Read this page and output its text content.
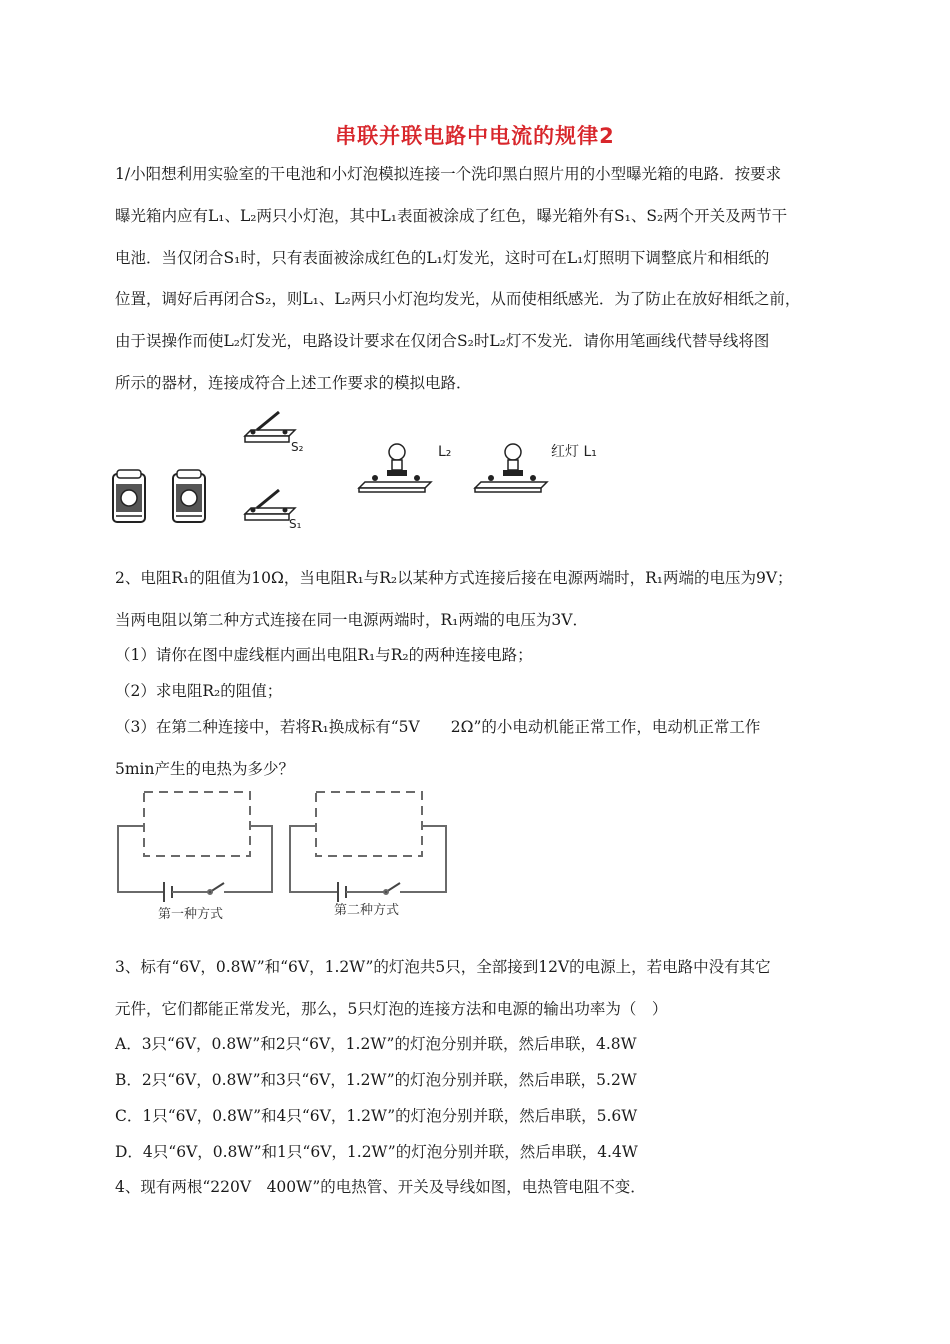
串联并联电路中电流的规律2
1/小阳想利用实验室的干电池和小灯泡模拟连接一个洗印黑白照片用的小型曝光箱的电路．按要求
曝光箱内应有L₁、L₂两只小灯泡，其中L₁表面被涂成了红色，曝光箱外有S₁、S₂两个开关及两节干
电池．当仅闭合S₁时，只有表面被涂成红色的L₁灯发光，这时可在L₁灯照明下调整底片和相纸的
位置，调好后再闭合S₂，则L₁、L₂两只小灯泡均发光，从而使相纸感光．为了防止在放好相纸之前，
由于误操作而使L₂灯发光，电路设计要求在仅闭合S₂时L₂灯不发光．请你用笔画线代替导线将图
所示的器材，连接成符合上述工作要求的模拟电路．
S₂
S₁
L₂	红灯 L₁
2、电阻R₁的阻值为10Ω，当电阻R₁与R₂以某种方式连接后接在电源两端时，R₁两端的电压为9V；
当两电阻以第二种方式连接在同一电源两端时，R₁两端的电压为3V．
（1）请你在图中虚线框内画出电阻R₁与R₂的两种连接电路；
（2）求电阻R₂的阻值；
（3）在第二种连接中，若将R₁换成标有“5V　　2Ω”的小电动机能正常工作，电动机正常工作
5min产生的电热为多少？
第一种方式	第二种方式
3、标有“6V，0.8W”和“6V，1.2W”的灯泡共5只，全部接到12V的电源上，若电路中没有其它
元件，它们都能正常发光，那么，5只灯泡的连接方法和电源的输出功率为（　）
A．3只“6V，0.8W”和2只“6V，1.2W”的灯泡分别并联，然后串联，4.8W
B．2只“6V，0.8W”和3只“6V，1.2W”的灯泡分别并联，然后串联，5.2W
C．1只“6V，0.8W”和4只“6V，1.2W”的灯泡分别并联，然后串联，5.6W
D．4只“6V，0.8W”和1只“6V，1.2W”的灯泡分别并联，然后串联，4.4W
4、现有两根“220V　400W”的电热管、开关及导线如图，电热管电阻不变．
